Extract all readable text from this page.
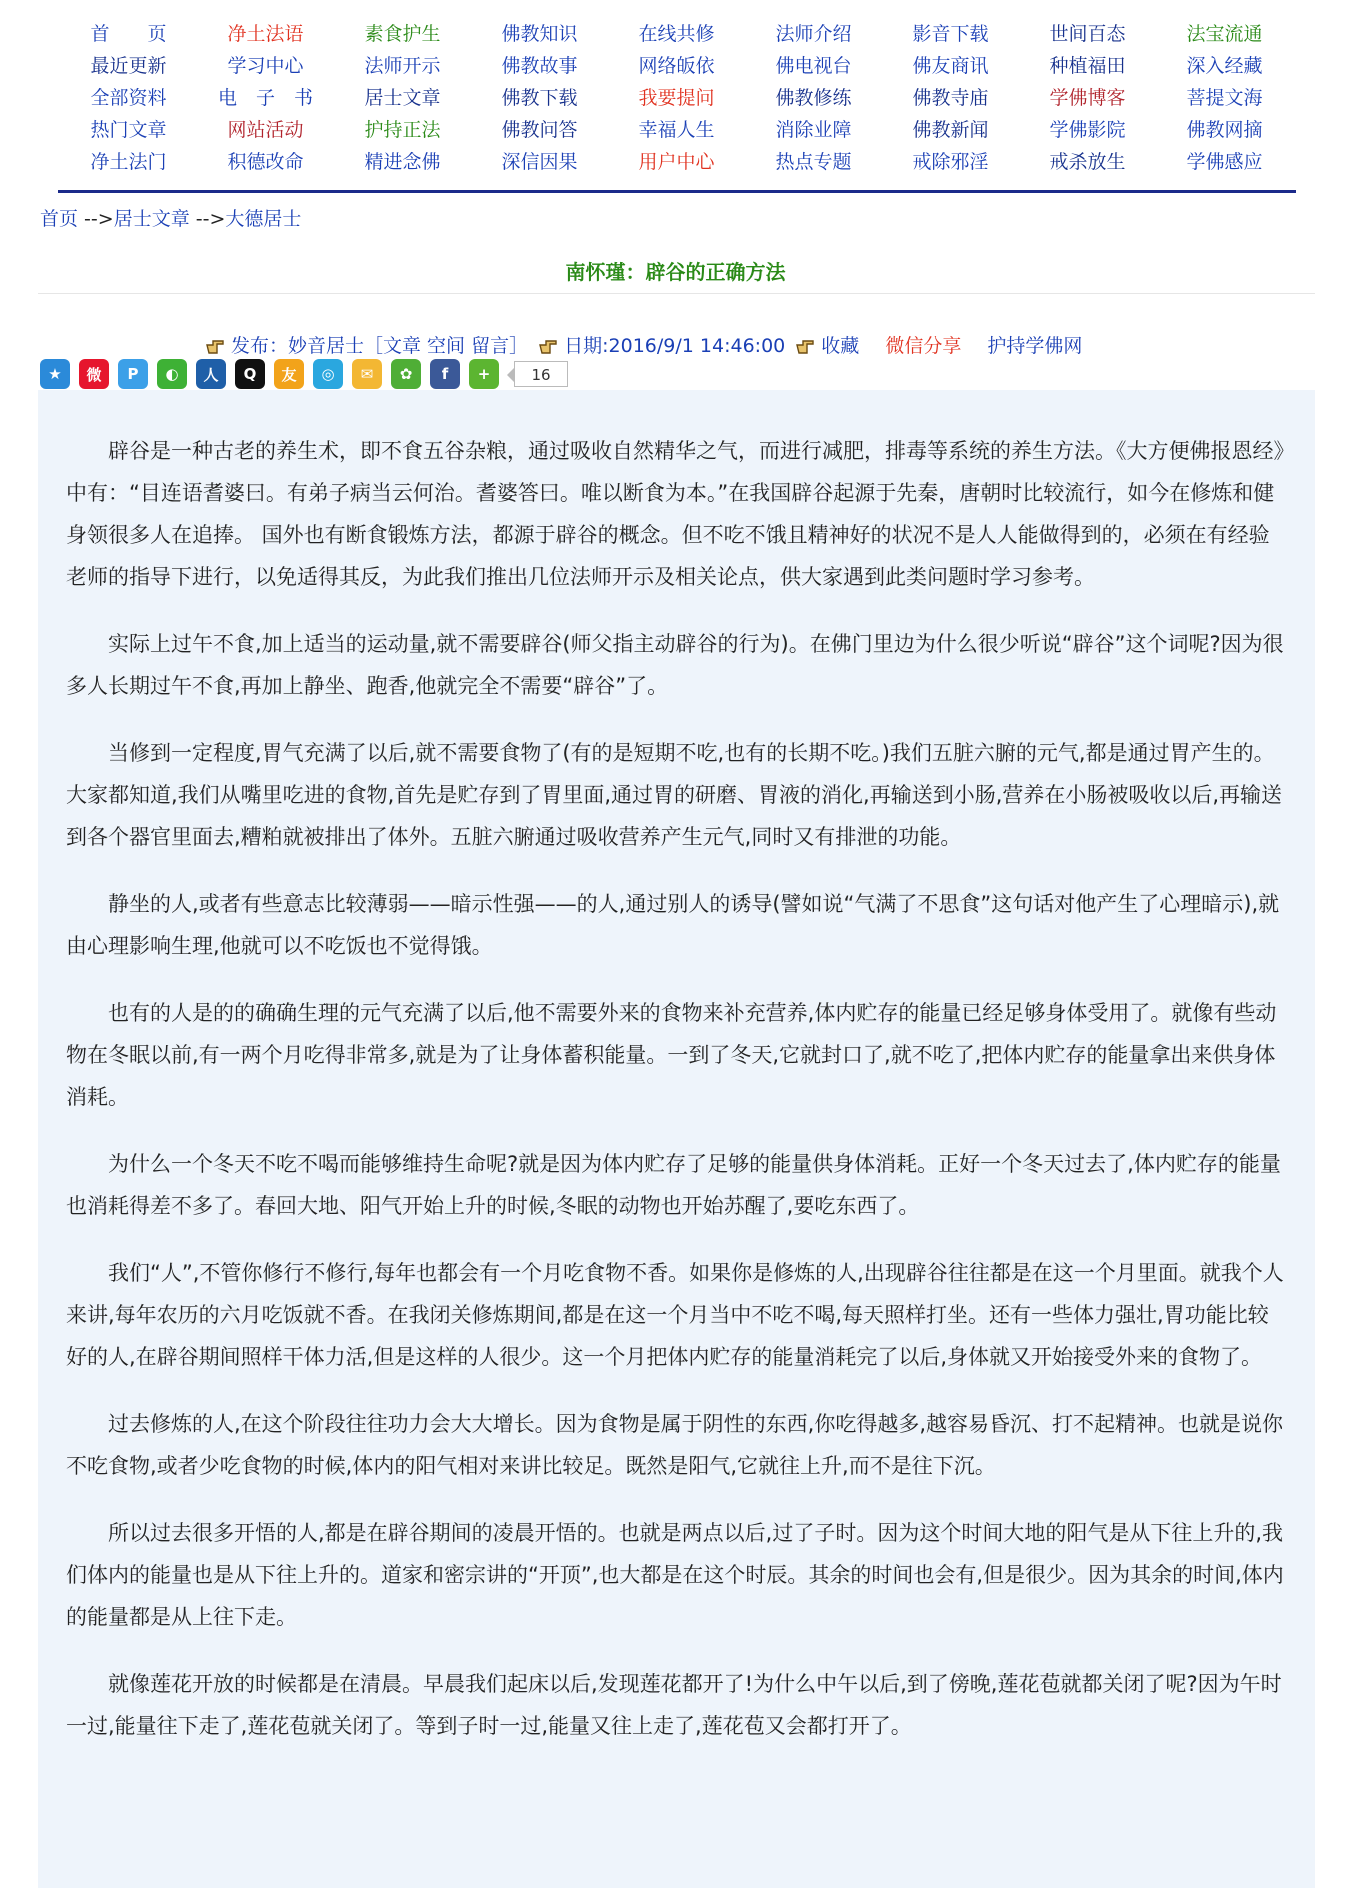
首　　页	净土法语	素食护生	佛教知识	在线共修	法师介绍	影音下载	世间百态	法宝流通
最近更新	学习中心	法师开示	佛教故事	网络皈依	佛电视台	佛友商讯	种植福田	深入经藏
全部资料	电　子　书	居士文章	佛教下载	我要提问	佛教修练	佛教寺庙	学佛博客	菩提文海
热门文章	网站活动	护持正法	佛教问答	幸福人生	消除业障	佛教新闻	学佛影院	佛教网摘
净土法门	积德改命	精进念佛	深信因果	用户中心	热点专题	戒除邪淫	戒杀放生	学佛感应
首页 -->居士文章 -->大德居士
南怀瑾：辟谷的正确方法
发布：妙音居士［文章 空间 留言］ 日期:2016/9/1 14:46:00 收藏 微信分享 护持学佛网
★	微	P	◐	人	Q	友	◎	✉	✿	f	+	16

辟谷是一种古老的养生术，即不食五谷杂粮，通过吸收自然精华之气，而进行减肥，排毒等系统的养生方法。《大方便佛报恩经》中有：“目连语耆婆曰。有弟子病当云何治。耆婆答曰。唯以断食为本。”在我国辟谷起源于先秦，唐朝时比较流行，如今在修炼和健身领很多人在追捧。 国外也有断食锻炼方法，都源于辟谷的概念。但不吃不饿且精神好的状况不是人人能做得到的，必须在有经验老师的指导下进行，以免适得其反，为此我们推出几位法师开示及相关论点，供大家遇到此类问题时学习参考。

实际上过午不食,加上适当的运动量,就不需要辟谷(师父指主动辟谷的行为)。在佛门里边为什么很少听说“辟谷”这个词呢?因为很多人长期过午不食,再加上静坐、跑香,他就完全不需要“辟谷”了。

当修到一定程度,胃气充满了以后,就不需要食物了(有的是短期不吃,也有的长期不吃。)我们五脏六腑的元气,都是通过胃产生的。大家都知道,我们从嘴里吃进的食物,首先是贮存到了胃里面,通过胃的研磨、胃液的消化,再输送到小肠,营养在小肠被吸收以后,再输送到各个器官里面去,糟粕就被排出了体外。五脏六腑通过吸收营养产生元气,同时又有排泄的功能。

静坐的人,或者有些意志比较薄弱——暗示性强——的人,通过别人的诱导(譬如说“气满了不思食”这句话对他产生了心理暗示),就由心理影响生理,他就可以不吃饭也不觉得饿。

也有的人是的的确确生理的元气充满了以后,他不需要外来的食物来补充营养,体内贮存的能量已经足够身体受用了。就像有些动物在冬眠以前,有一两个月吃得非常多,就是为了让身体蓄积能量。一到了冬天,它就封口了,就不吃了,把体内贮存的能量拿出来供身体消耗。

为什么一个冬天不吃不喝而能够维持生命呢?就是因为体内贮存了足够的能量供身体消耗。正好一个冬天过去了,体内贮存的能量也消耗得差不多了。春回大地、阳气开始上升的时候,冬眠的动物也开始苏醒了,要吃东西了。

我们“人”,不管你修行不修行,每年也都会有一个月吃食物不香。如果你是修炼的人,出现辟谷往往都是在这一个月里面。就我个人来讲,每年农历的六月吃饭就不香。在我闭关修炼期间,都是在这一个月当中不吃不喝,每天照样打坐。还有一些体力强壮,胃功能比较好的人,在辟谷期间照样干体力活,但是这样的人很少。这一个月把体内贮存的能量消耗完了以后,身体就又开始接受外来的食物了。

过去修炼的人,在这个阶段往往功力会大大增长。因为食物是属于阴性的东西,你吃得越多,越容易昏沉、打不起精神。也就是说你不吃食物,或者少吃食物的时候,体内的阳气相对来讲比较足。既然是阳气,它就往上升,而不是往下沉。

所以过去很多开悟的人,都是在辟谷期间的凌晨开悟的。也就是两点以后,过了子时。因为这个时间大地的阳气是从下往上升的,我们体内的能量也是从下往上升的。道家和密宗讲的“开顶”,也大都是在这个时辰。其余的时间也会有,但是很少。因为其余的时间,体内的能量都是从上往下走。

就像莲花开放的时候都是在清晨。早晨我们起床以后,发现莲花都开了!为什么中午以后,到了傍晚,莲花苞就都关闭了呢?因为午时一过,能量往下走了,莲花苞就关闭了。等到子时一过,能量又往上走了,莲花苞又会都打开了。
